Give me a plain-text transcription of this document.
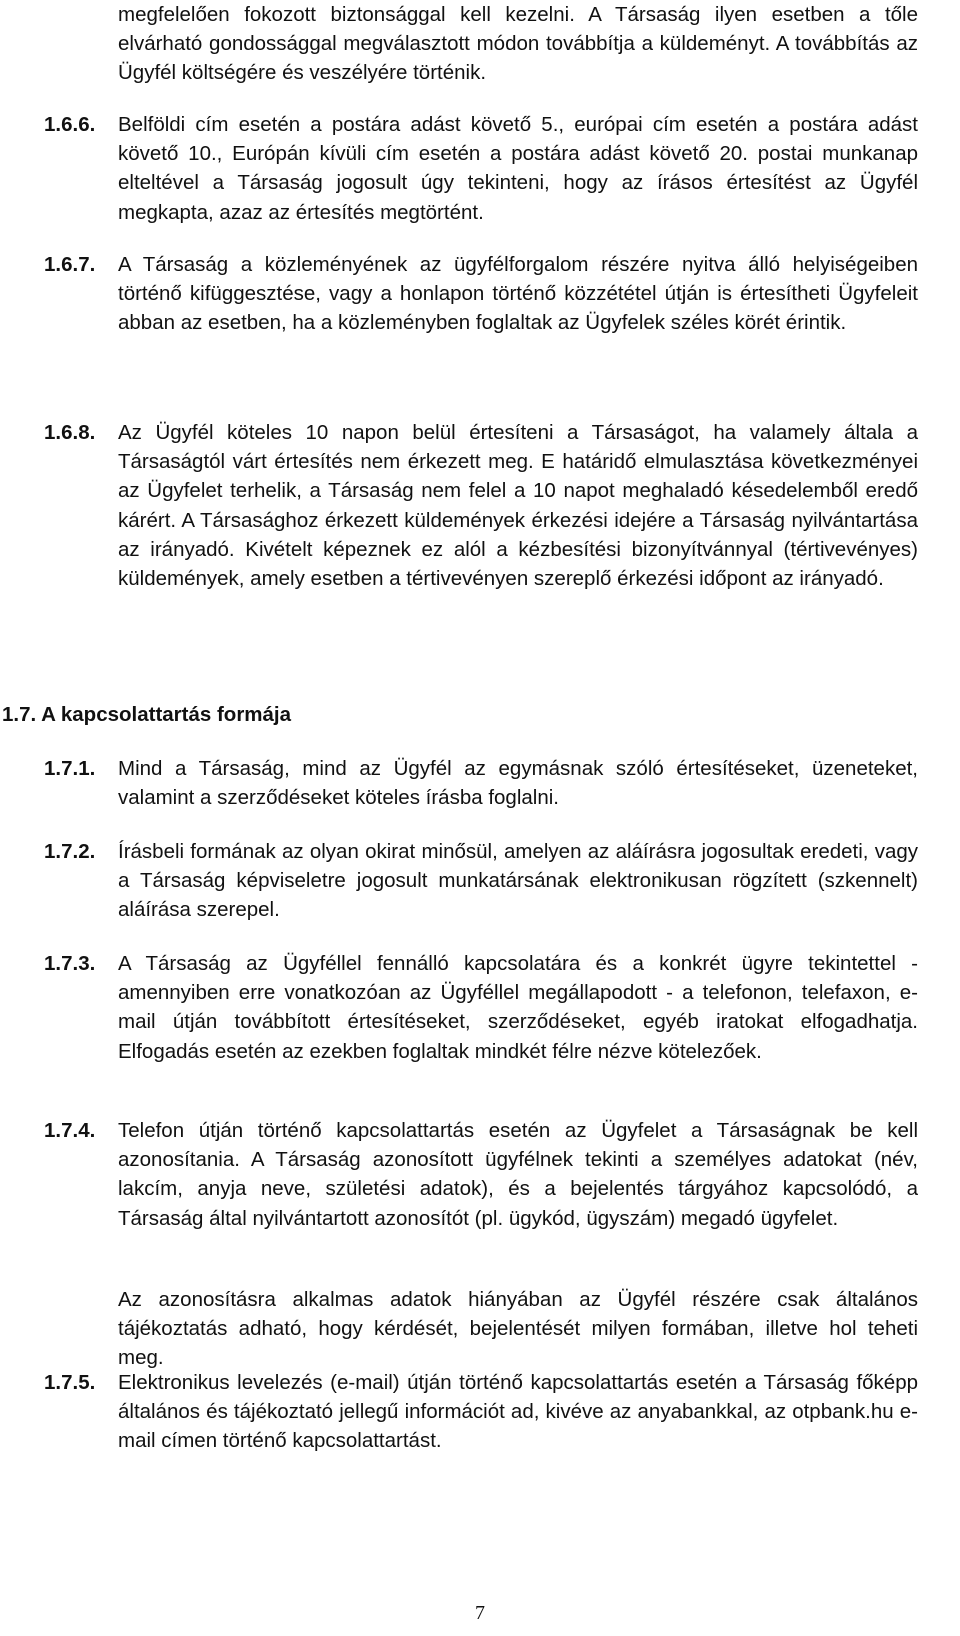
megfelelően fokozott biztonsággal kell kezelni. A Társaság ilyen esetben a tőle elvárható gondossággal megválasztott módon továbbítja a küldeményt. A továbbítás az Ügyfél költségére és veszélyére történik.

1.6.6. Belföldi cím esetén a postára adást követő 5., európai cím esetén a postára adást követő 10., Európán kívüli cím esetén a postára adást követő 20. postai munkanap elteltével a Társaság jogosult úgy tekinteni, hogy az írásos értesítést az Ügyfél megkapta, azaz az értesítés megtörtént.

1.6.7. A Társaság a közleményének az ügyfélforgalom részére nyitva álló helyiségeiben történő kifüggesztése, vagy a honlapon történő közzététel útján is értesítheti Ügyfeleit abban az esetben, ha a közleményben foglaltak az Ügyfelek széles körét érintik.

1.6.8. Az Ügyfél köteles 10 napon belül értesíteni a Társaságot, ha valamely általa a Társaságtól várt értesítés nem érkezett meg. E határidő elmulasztása következményei az Ügyfelet terhelik, a Társaság nem felel a 10 napot meghaladó késedelemből eredő kárért. A Társasághoz érkezett küldemények érkezési idejére a Társaság nyilvántartása az irányadó. Kivételt képeznek ez alól a kézbesítési bizonyítvánnyal (tértivevényes) küldemények, amely esetben a tértivevényen szereplő érkezési időpont az irányadó.

1.7. A kapcsolattartás formája
1.7.1. Mind a Társaság, mind az Ügyfél az egymásnak szóló értesítéseket, üzeneteket, valamint a szerződéseket köteles írásba foglalni.

1.7.2. Írásbeli formának az olyan okirat minősül, amelyen az aláírásra jogosultak eredeti, vagy a Társaság képviseletre jogosult munkatársának elektronikusan rögzített (szkennelt) aláírása szerepel.

1.7.3. A Társaság az Ügyféllel fennálló kapcsolatára és a konkrét ügyre tekintettel - amennyiben erre vonatkozóan az Ügyféllel megállapodott - a telefonon, telefaxon, e-mail útján továbbított értesítéseket, szerződéseket, egyéb iratokat elfogadhatja. Elfogadás esetén az ezekben foglaltak mindkét félre nézve kötelezőek.

1.7.4. Telefon útján történő kapcsolattartás esetén az Ügyfelet a Társaságnak be kell azonosítania. A Társaság azonosított ügyfélnek tekinti a személyes adatokat (név, lakcím, anyja neve, születési adatok), és a bejelentés tárgyához kapcsolódó, a Társaság által nyilvántartott azonosítót (pl. ügykód, ügyszám) megadó ügyfelet.

Az azonosításra alkalmas adatok hiányában az Ügyfél részére csak általános tájékoztatás adható, hogy kérdését, bejelentését milyen formában, illetve hol teheti meg.

1.7.5. Elektronikus levelezés (e-mail) útján történő kapcsolattartás esetén a Társaság főképp általános és tájékoztató jellegű információt ad, kivéve az anyabankkal, az otpbank.hu e-mail címen történő kapcsolattartást.

7
